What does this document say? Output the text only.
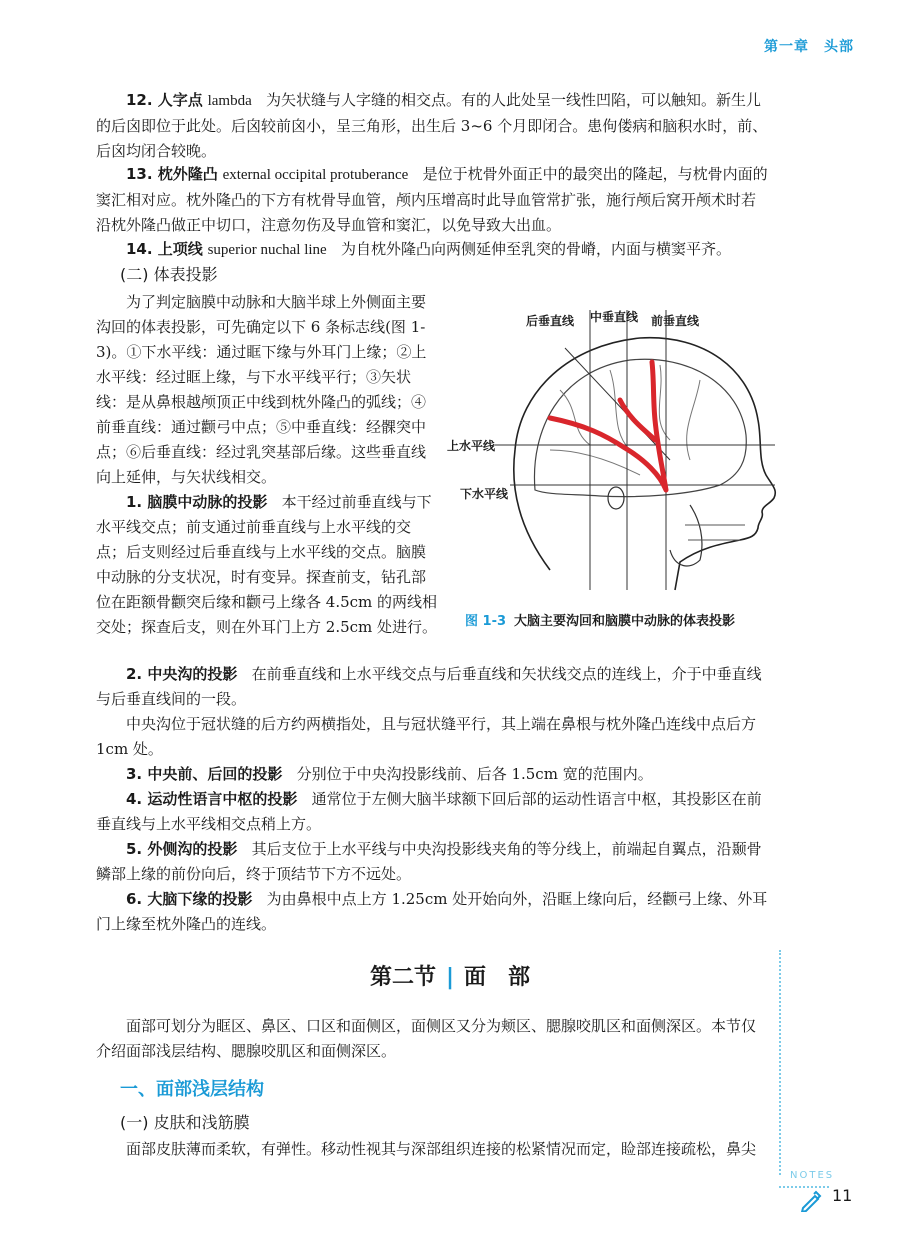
第一章　头部

12. 人字点 lambda 为矢状缝与人字缝的相交点。有的人此处呈一线性凹陷，可以触知。新生儿的后囟即位于此处。后囟较前囟小，呈三角形，出生后 3~6 个月即闭合。患佝偻病和脑积水时，前、后囟均闭合较晚。

13. 枕外隆凸 external occipital protuberance 是位于枕骨外面正中的最突出的隆起，与枕骨内面的窦汇相对应。枕外隆凸的下方有枕骨导血管，颅内压增高时此导血管常扩张，施行颅后窝开颅术时若沿枕外隆凸做正中切口，注意勿伤及导血管和窦汇，以免导致大出血。

14. 上项线 superior nuchal line 为自枕外隆凸向两侧延伸至乳突的骨嵴，内面与横窦平齐。

(二) 体表投影

为了判定脑膜中动脉和大脑半球上外侧面主要沟回的体表投影，可先确定以下 6 条标志线(图 1-3)。①下水平线：通过眶下缘与外耳门上缘；②上水平线：经过眶上缘，与下水平线平行；③矢状线：是从鼻根越颅顶正中线到枕外隆凸的弧线；④前垂直线：通过颧弓中点；⑤中垂直线：经髁突中点；⑥后垂直线：经过乳突基部后缘。这些垂直线向上延伸，与矢状线相交。

1. 脑膜中动脉的投影 本干经过前垂直线与下水平线交点；前支通过前垂直线与上水平线的交点；后支则经过后垂直线与上水平线的交点。脑膜中动脉的分支状况，时有变异。探查前支，钻孔部位在距额骨颧突后缘和颧弓上缘各 4.5cm 的两线相交处；探查后支，则在外耳门上方 2.5cm 处进行。

后垂直线 中垂直线 前垂直线
上水平线
下水平线
图 1-3 大脑主要沟回和脑膜中动脉的体表投影

2. 中央沟的投影 在前垂直线和上水平线交点与后垂直线和矢状线交点的连线上，介于中垂直线与后垂直线间的一段。

中央沟位于冠状缝的后方约两横指处，且与冠状缝平行，其上端在鼻根与枕外隆凸连线中点后方 1cm 处。

3. 中央前、后回的投影 分别位于中央沟投影线前、后各 1.5cm 宽的范围内。

4. 运动性语言中枢的投影 通常位于左侧大脑半球额下回后部的运动性语言中枢，其投影区在前垂直线与上水平线相交点稍上方。

5. 外侧沟的投影 其后支位于上水平线与中央沟投影线夹角的等分线上，前端起自翼点，沿颞骨鳞部上缘的前份向后，终于顶结节下方不远处。

6. 大脑下缘的投影 为由鼻根中点上方 1.25cm 处开始向外，沿眶上缘向后，经颧弓上缘、外耳门上缘至枕外隆凸的连线。

第二节 | 面　部

面部可划分为眶区、鼻区、口区和面侧区，面侧区又分为颊区、腮腺咬肌区和面侧深区。本节仅介绍面部浅层结构、腮腺咬肌区和面侧深区。

一、面部浅层结构
(一) 皮肤和浅筋膜

面部皮肤薄而柔软，有弹性。移动性视其与深部组织连接的松紧情况而定，睑部连接疏松，鼻尖

NOTES
11
